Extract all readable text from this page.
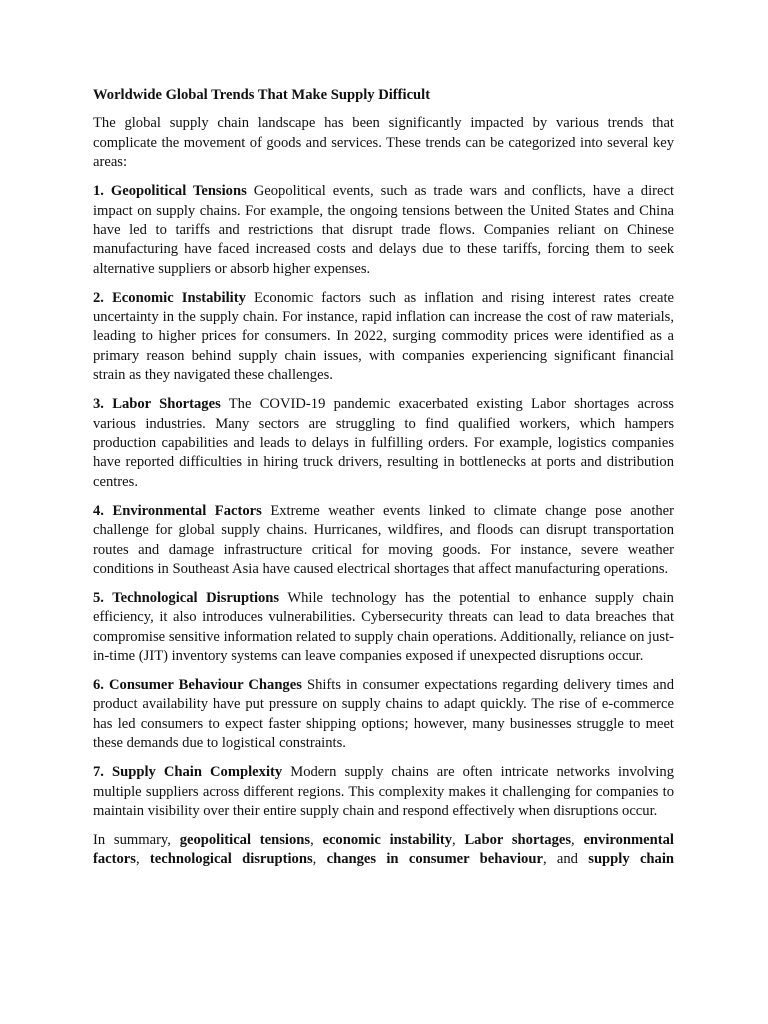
Worldwide Global Trends That Make Supply Difficult

The global supply chain landscape has been significantly impacted by various trends that complicate the movement of goods and services. These trends can be categorized into several key areas:

1. Geopolitical Tensions Geopolitical events, such as trade wars and conflicts, have a direct impact on supply chains. For example, the ongoing tensions between the United States and China have led to tariffs and restrictions that disrupt trade flows. Companies reliant on Chinese manufacturing have faced increased costs and delays due to these tariffs, forcing them to seek alternative suppliers or absorb higher expenses.

2. Economic Instability Economic factors such as inflation and rising interest rates create uncertainty in the supply chain. For instance, rapid inflation can increase the cost of raw materials, leading to higher prices for consumers. In 2022, surging commodity prices were identified as a primary reason behind supply chain issues, with companies experiencing significant financial strain as they navigated these challenges.

3. Labor Shortages The COVID-19 pandemic exacerbated existing Labor shortages across various industries. Many sectors are struggling to find qualified workers, which hampers production capabilities and leads to delays in fulfilling orders. For example, logistics companies have reported difficulties in hiring truck drivers, resulting in bottlenecks at ports and distribution centres.

4. Environmental Factors Extreme weather events linked to climate change pose another challenge for global supply chains. Hurricanes, wildfires, and floods can disrupt transportation routes and damage infrastructure critical for moving goods. For instance, severe weather conditions in Southeast Asia have caused electrical shortages that affect manufacturing operations.

5. Technological Disruptions While technology has the potential to enhance supply chain efficiency, it also introduces vulnerabilities. Cybersecurity threats can lead to data breaches that compromise sensitive information related to supply chain operations. Additionally, reliance on just-in-time (JIT) inventory systems can leave companies exposed if unexpected disruptions occur.

6. Consumer Behaviour Changes Shifts in consumer expectations regarding delivery times and product availability have put pressure on supply chains to adapt quickly. The rise of e-commerce has led consumers to expect faster shipping options; however, many businesses struggle to meet these demands due to logistical constraints.

7. Supply Chain Complexity Modern supply chains are often intricate networks involving multiple suppliers across different regions. This complexity makes it challenging for companies to maintain visibility over their entire supply chain and respond effectively when disruptions occur.

In summary, geopolitical tensions, economic instability, Labor shortages, environmental factors, technological disruptions, changes in consumer behaviour, and supply chain
